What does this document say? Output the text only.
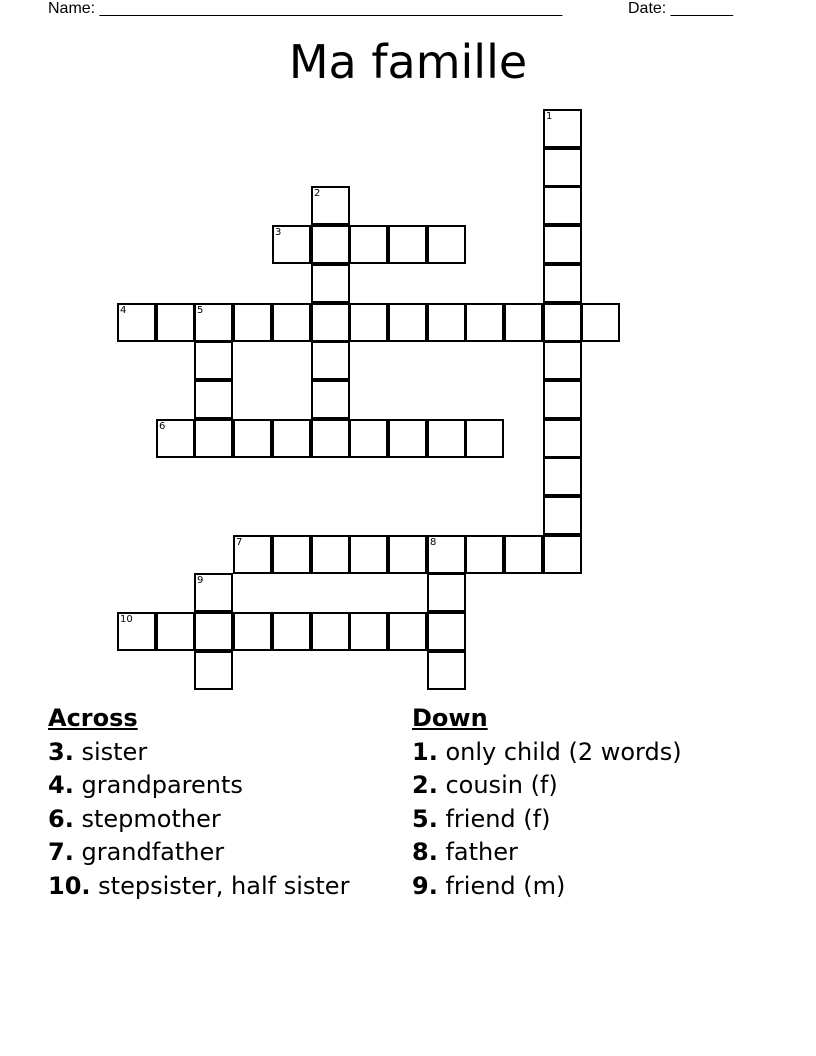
Name: ____________________________________________________	Date: _______
Ma famille
1
2
3
4	5
6
7	8
9
10
Across
3. sister
4. grandparents
6. stepmother
7. grandfather
10. stepsister, half sister
Down
1. only child (2 words)
2. cousin (f)
5. friend (f)
8. father
9. friend (m)
